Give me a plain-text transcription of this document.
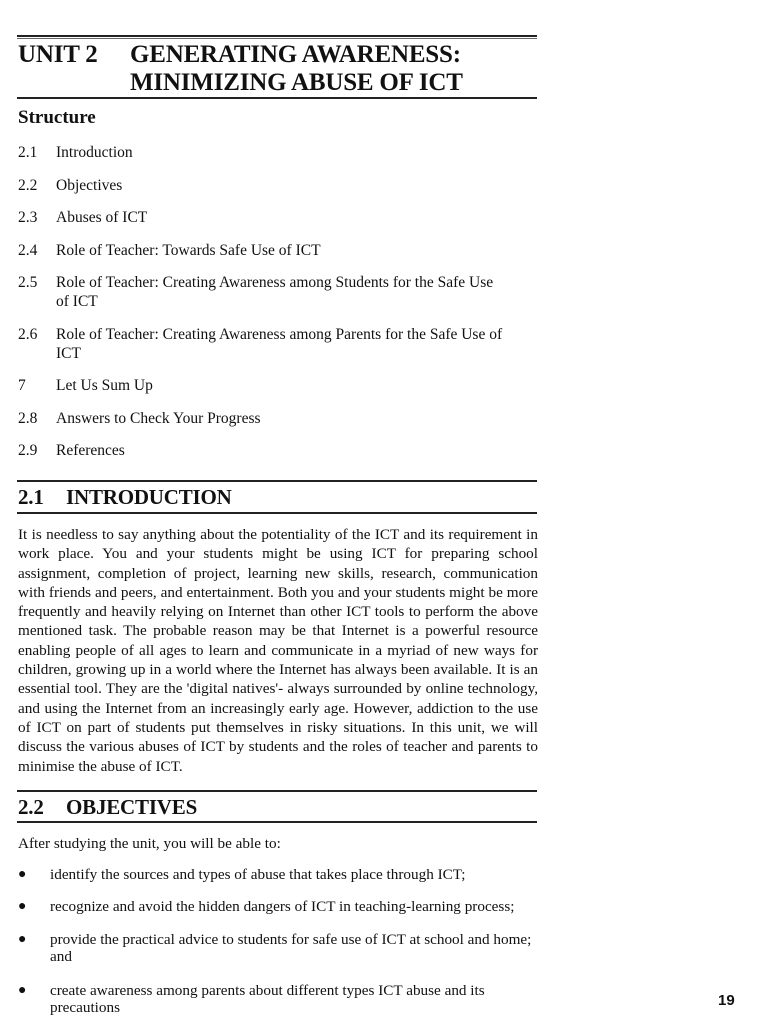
UNIT 2 GENERATING AWARENESS:
MINIMIZING ABUSE OF ICT
Structure
2.1 Introduction
2.2 Objectives
2.3 Abuses of ICT
2.4 Role of Teacher: Towards Safe Use of ICT
2.5 Role of Teacher: Creating Awareness among Students for the Safe Use of ICT
2.6 Role of Teacher: Creating Awareness among Parents for the Safe Use of ICT
7 Let Us Sum Up
2.8 Answers to Check Your Progress
2.9 References
2.1 INTRODUCTION
It is needless to say anything about the potentiality of the ICT and its requirement in work place. You and your students might be using ICT for preparing school assignment, completion of project, learning new skills, research, communication with friends and peers, and entertainment. Both you and your students might be more frequently and heavily relying on Internet than other ICT tools to perform the above mentioned task. The probable reason may be that Internet is a powerful resource enabling people of all ages to learn and communicate in a myriad of new ways for children, growing up in a world where the Internet has always been available. It is an essential tool. They are the 'digital natives'- always surrounded by online technology, and using the Internet from an increasingly early age. However, addiction to the use of ICT on part of students put themselves in risky situations. In this unit, we will discuss the various abuses of ICT by students and the roles of teacher and parents to minimise the abuse of ICT.
2.2 OBJECTIVES
After studying the unit, you will be able to:
● identify the sources and types of abuse that takes place through ICT;
● recognize and avoid the hidden dangers of ICT in teaching-learning process;
● provide the practical advice to students for safe use of ICT at school and home; and
● create awareness among parents about different types ICT abuse and its precautions	19
